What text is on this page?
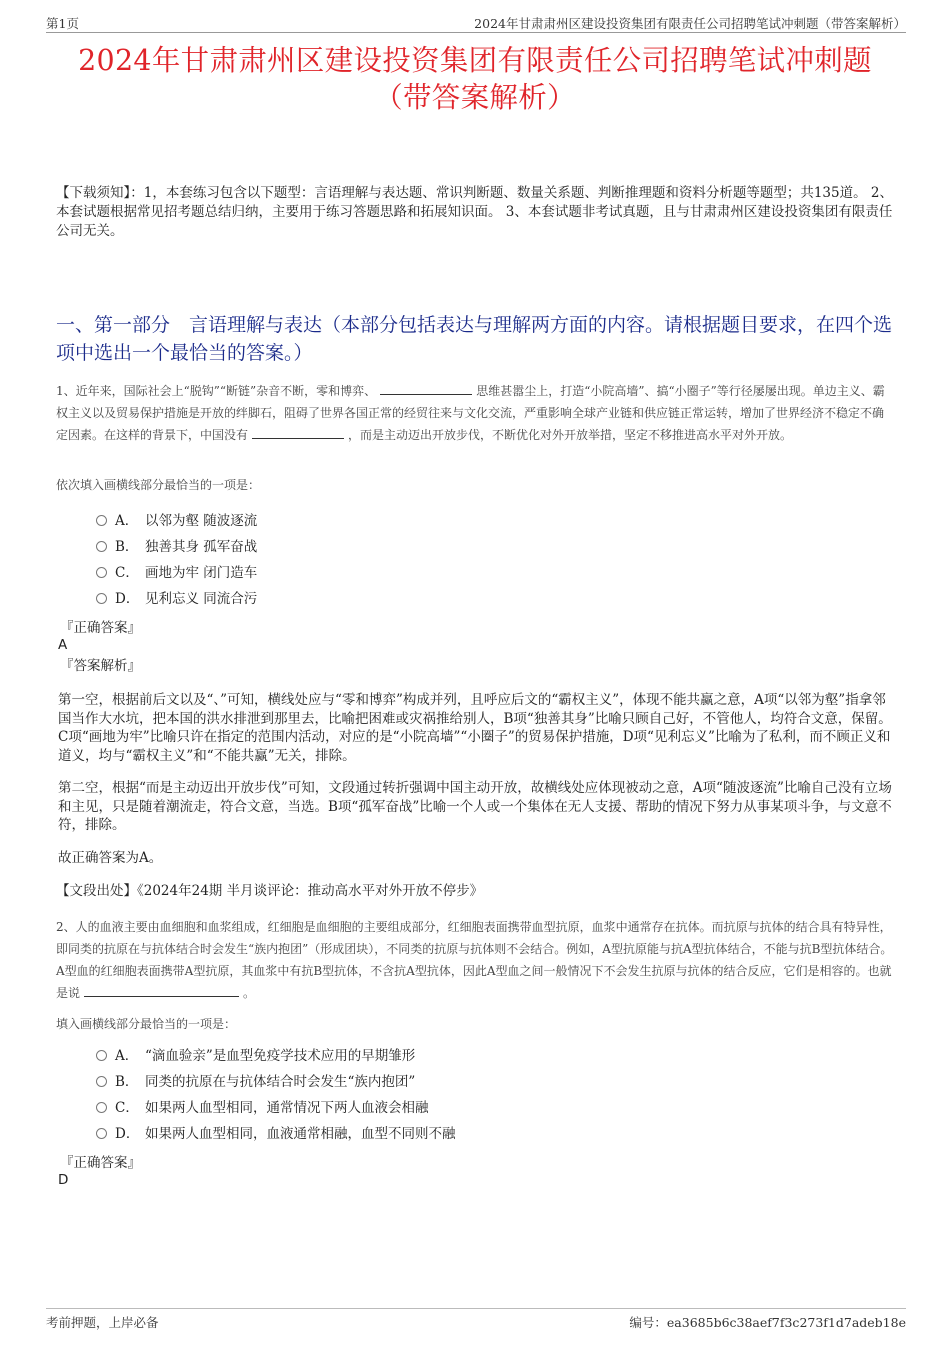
第1页	2024年甘肃肃州区建设投资集团有限责任公司招聘笔试冲刺题（带答案解析）
2024年甘肃肃州区建设投资集团有限责任公司招聘笔试冲刺题
（带答案解析）
【下载须知】：1，本套练习包含以下题型：言语理解与表达题、常识判断题、数量关系题、判断推理题和资料分析题等题型；共135道。 2、本套试题根据常见招考题总结归纳，主要用于练习答题思路和拓展知识面。 3、本套试题非考试真题，且与甘肃肃州区建设投资集团有限责任公司无关。
一、第一部分　言语理解与表达（本部分包括表达与理解两方面的内容。请根据题目要求，在四个选项中选出一个最恰当的答案。）
1、近年来，国际社会上“脱钩”“断链”杂音不断，零和博弈、	思维甚嚣尘上，打造“小院高墙”、搞“小圈子”等行径屡屡出现。单边主义、霸权主义以及贸易保护措施是开放的绊脚石，阻碍了世界各国正常的经贸往来与文化交流，严重影响全球产业链和供应链正常运转，增加了世界经济不稳定不确定因素。在这样的背景下，中国没有	，而是主动迈出开放步伐，不断优化对外开放举措，坚定不移推进高水平对外开放。
依次填入画横线部分最恰当的一项是：
A． 以邻为壑 随波逐流
B． 独善其身 孤军奋战
C． 画地为牢 闭门造车
D． 见利忘义 同流合污
『正确答案』
A
『答案解析』
第一空，根据前后文以及“、”可知，横线处应与“零和博弈”构成并列，且呼应后文的“霸权主义”，体现不能共赢之意，A项“以邻为壑”指拿邻国当作大水坑，把本国的洪水排泄到那里去，比喻把困难或灾祸推给别人，B项“独善其身”比喻只顾自己好，不管他人，均符合文意，保留。C项“画地为牢”比喻只许在指定的范围内活动，对应的是“小院高墙”“小圈子”的贸易保护措施，D项“见利忘义”比喻为了私利，而不顾正义和道义，均与“霸权主义”和“不能共赢”无关，排除。
第二空，根据“而是主动迈出开放步伐”可知，文段通过转折强调中国主动开放，故横线处应体现被动之意，A项“随波逐流”比喻自己没有立场和主见，只是随着潮流走，符合文意，当选。B项“孤军奋战”比喻一个人或一个集体在无人支援、帮助的情况下努力从事某项斗争，与文意不符，排除。
故正确答案为A。
【文段出处】《2024年24期 半月谈评论：推动高水平对外开放不停步》
2、人的血液主要由血细胞和血浆组成，红细胞是血细胞的主要组成部分，红细胞表面携带血型抗原，血浆中通常存在抗体。而抗原与抗体的结合具有特异性，即同类的抗原在与抗体结合时会发生“族内抱团”（形成团块），不同类的抗原与抗体则不会结合。例如，A型抗原能与抗A型抗体结合，不能与抗B型抗体结合。A型血的红细胞表面携带A型抗原，其血浆中有抗B型抗体，不含抗A型抗体，因此A型血之间一般情况下不会发生抗原与抗体的结合反应，它们是相容的。也就是说	。
填入画横线部分最恰当的一项是：
A． “滴血验亲”是血型免疫学技术应用的早期雏形
B． 同类的抗原在与抗体结合时会发生“族内抱团”
C． 如果两人血型相同，通常情况下两人血液会相融
D． 如果两人血型相同，血液通常相融，血型不同则不融
『正确答案』
D
考前押题，上岸必备	编号：ea3685b6c38aef7f3c273f1d7adeb18e
